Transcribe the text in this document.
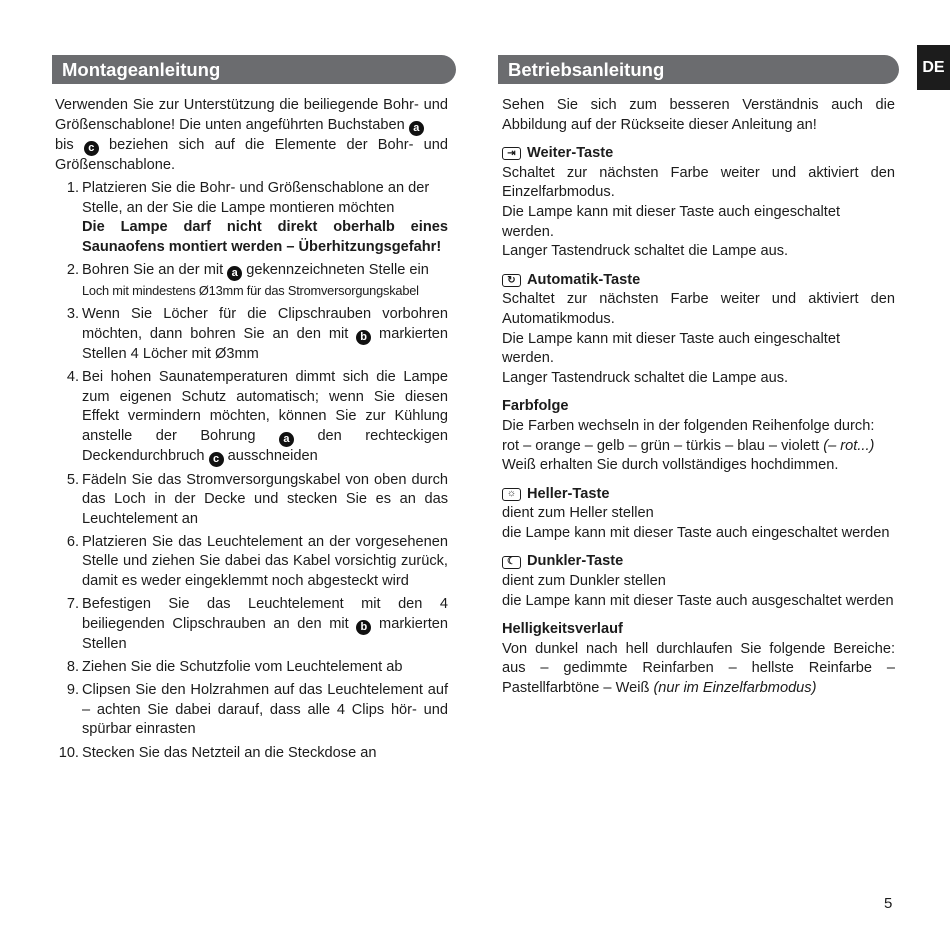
DE
Montageanleitung

Verwenden Sie zur Unterstützung die beiliegende Bohr- und Größenschablone! Die unten angeführten Buchstaben a
bis c beziehen sich auf die Elemente der Bohr- und Größenschablone.

1. Platzieren Sie die Bohr- und Größenschablone an der Stelle, an der Sie die Lampe montieren möchten

Die Lampe darf nicht direkt oberhalb eines Saunaofens montiert werden – Überhitzungsgefahr!
2. Bohren Sie an der mit a gekennzeichneten Stelle ein
Loch mit mindestens Ø13mm für das Stromversorgungskabel
3. Wenn Sie Löcher für die Clipschrauben vorbohren möchten, dann bohren Sie an den mit b markierten Stellen 4 Löcher mit Ø3mm
4. Bei hohen Saunatemperaturen dimmt sich die Lampe zum eigenen Schutz automatisch; wenn Sie diesen Effekt vermindern möchten, können Sie zur Kühlung anstelle der Bohrung	a den rechteckigen Deckendurchbruch c ausschneiden
5. Fädeln Sie das Stromversorgungskabel von oben durch das Loch in der Decke und stecken Sie es an das Leuchtelement an
6. Platzieren Sie das Leuchtelement an der vorgesehenen Stelle und ziehen Sie dabei das Kabel vorsichtig zurück, damit es weder eingeklemmt noch abgesteckt wird
7. Befestigen Sie das Leuchtelement mit den 4 beiliegenden Clipschrauben an den mit b markierten Stellen
8. Ziehen Sie die Schutzfolie vom Leuchtelement ab
9. Clipsen Sie den Holzrahmen auf das Leuchtelement auf – achten Sie dabei darauf, dass alle 4 Clips hör- und spürbar einrasten
10. Stecken Sie das Netzteil an die Steckdose an
Betriebsanleitung

Sehen Sie sich zum besseren Verständnis auch die Abbildung auf der Rückseite dieser Anleitung an!

⇥ Weiter-Taste

Schaltet zur nächsten Farbe weiter und aktiviert den Einzelfarbmodus.

Die Lampe kann mit dieser Taste auch eingeschaltet werden.

Langer Tastendruck schaltet die Lampe aus.

↻ Automatik-Taste

Schaltet zur nächsten Farbe weiter und aktiviert den Automatikmodus.

Die Lampe kann mit dieser Taste auch eingeschaltet werden.

Langer Tastendruck schaltet die Lampe aus.

Farbfolge

Die Farben wechseln in der folgenden Reihenfolge durch:

rot – orange – gelb – grün – türkis – blau – violett (– rot...)

Weiß erhalten Sie durch vollständiges hochdimmen.

☼ Heller-Taste

dient zum Heller stellen

die Lampe kann mit dieser Taste auch eingeschaltet werden

☾ Dunkler-Taste

dient zum Dunkler stellen

die Lampe kann mit dieser Taste auch ausgeschaltet werden

Helligkeitsverlauf

Von dunkel nach hell durchlaufen Sie folgende Bereiche: aus – gedimmte Reinfarben – hellste Reinfarbe – Pastellfarbtöne – Weiß (nur im Einzelfarbmodus)

5
